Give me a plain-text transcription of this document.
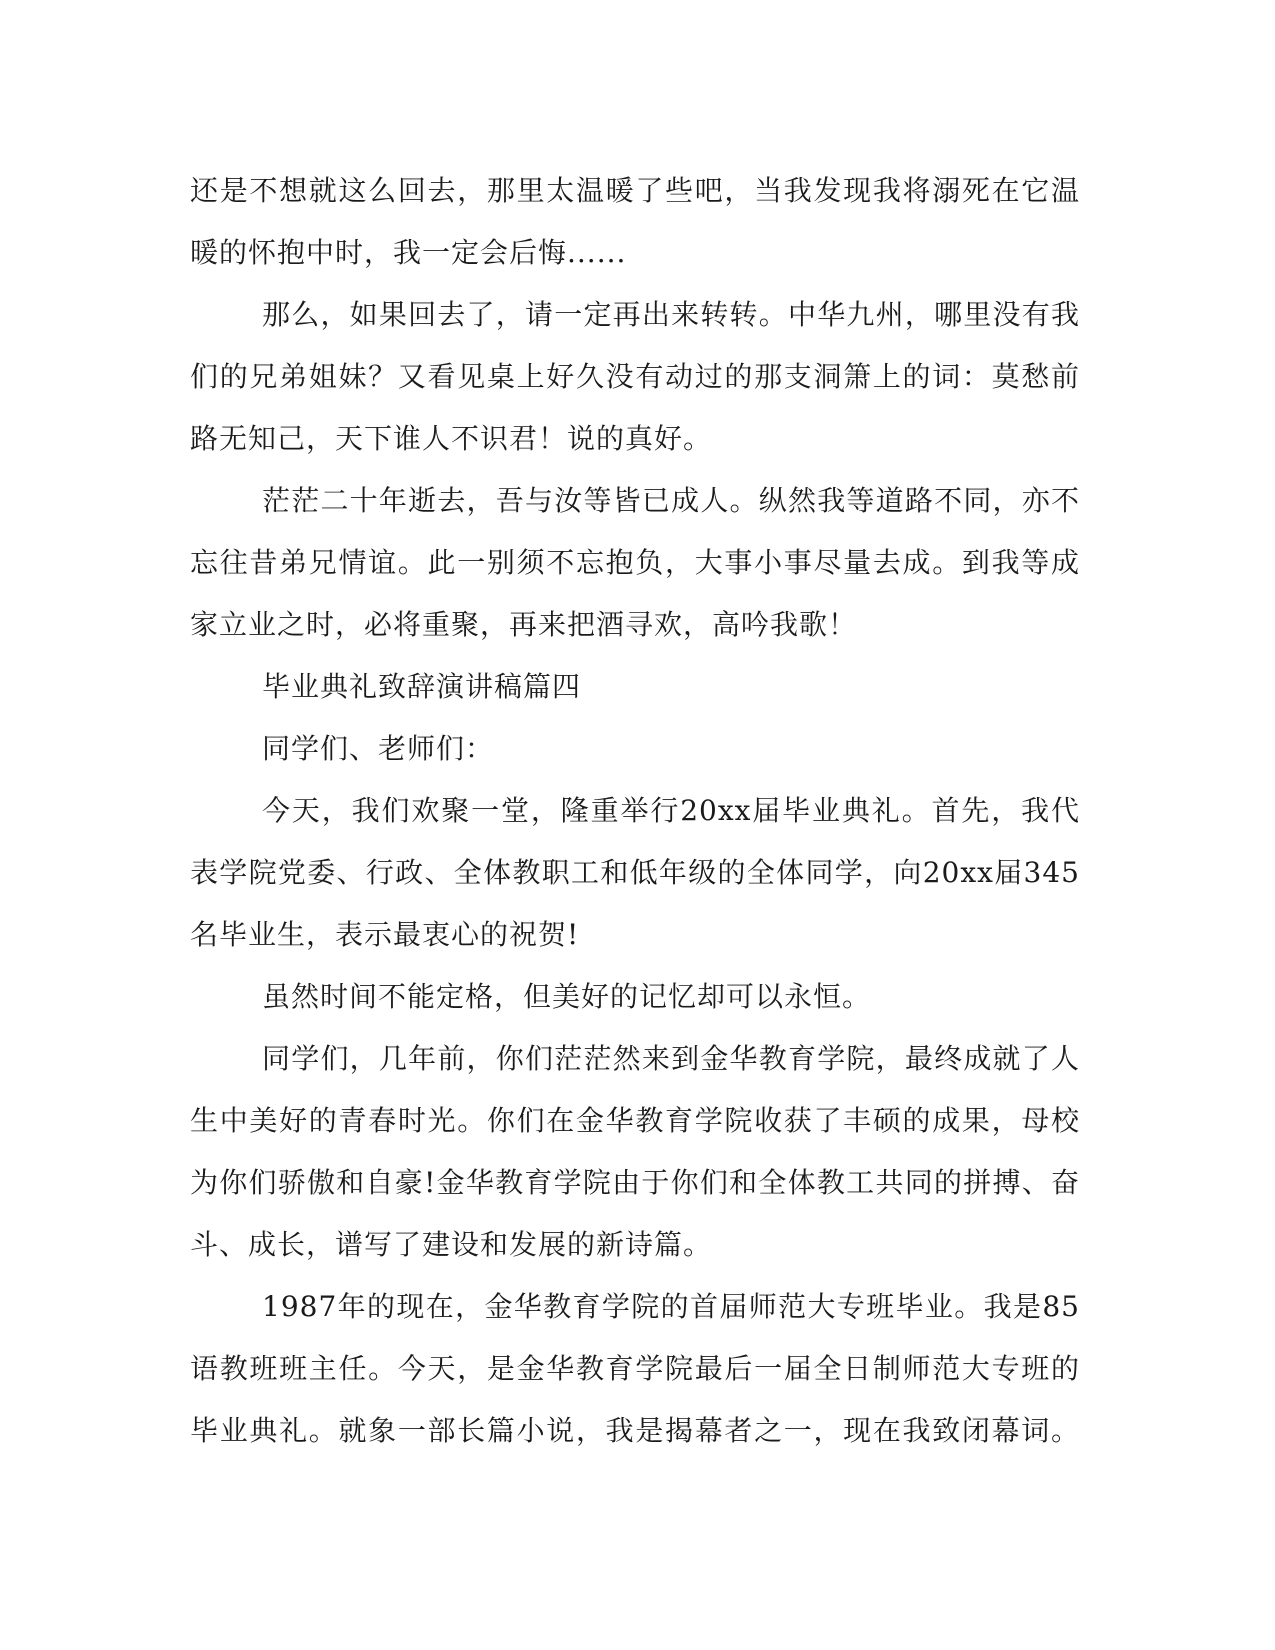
还是不想就这么回去，那里太温暖了些吧，当我发现我将溺死在它温
暖的怀抱中时，我一定会后悔......
那么，如果回去了，请一定再出来转转。中华九州，哪里没有我
们的兄弟姐妹？又看见桌上好久没有动过的那支洞箫上的词：莫愁前
路无知己，天下谁人不识君！说的真好。
茫茫二十年逝去，吾与汝等皆已成人。纵然我等道路不同，亦不
忘往昔弟兄情谊。此一别须不忘抱负，大事小事尽量去成。到我等成
家立业之时，必将重聚，再来把酒寻欢，高吟我歌！
毕业典礼致辞演讲稿篇四
同学们、老师们：
今天，我们欢聚一堂，隆重举行20xx届毕业典礼。首先，我代
表学院党委、行政、全体教职工和低年级的全体同学，向20xx届345
名毕业生，表示最衷心的祝贺!
虽然时间不能定格，但美好的记忆却可以永恒。
同学们，几年前，你们茫茫然来到金华教育学院，最终成就了人
生中美好的青春时光。你们在金华教育学院收获了丰硕的成果，母校
为你们骄傲和自豪!金华教育学院由于你们和全体教工共同的拼搏、奋
斗、成长，谱写了建设和发展的新诗篇。
1987年的现在，金华教育学院的首届师范大专班毕业。我是85
语教班班主任。今天，是金华教育学院最后一届全日制师范大专班的
毕业典礼。就象一部长篇小说，我是揭幕者之一，现在我致闭幕词。
